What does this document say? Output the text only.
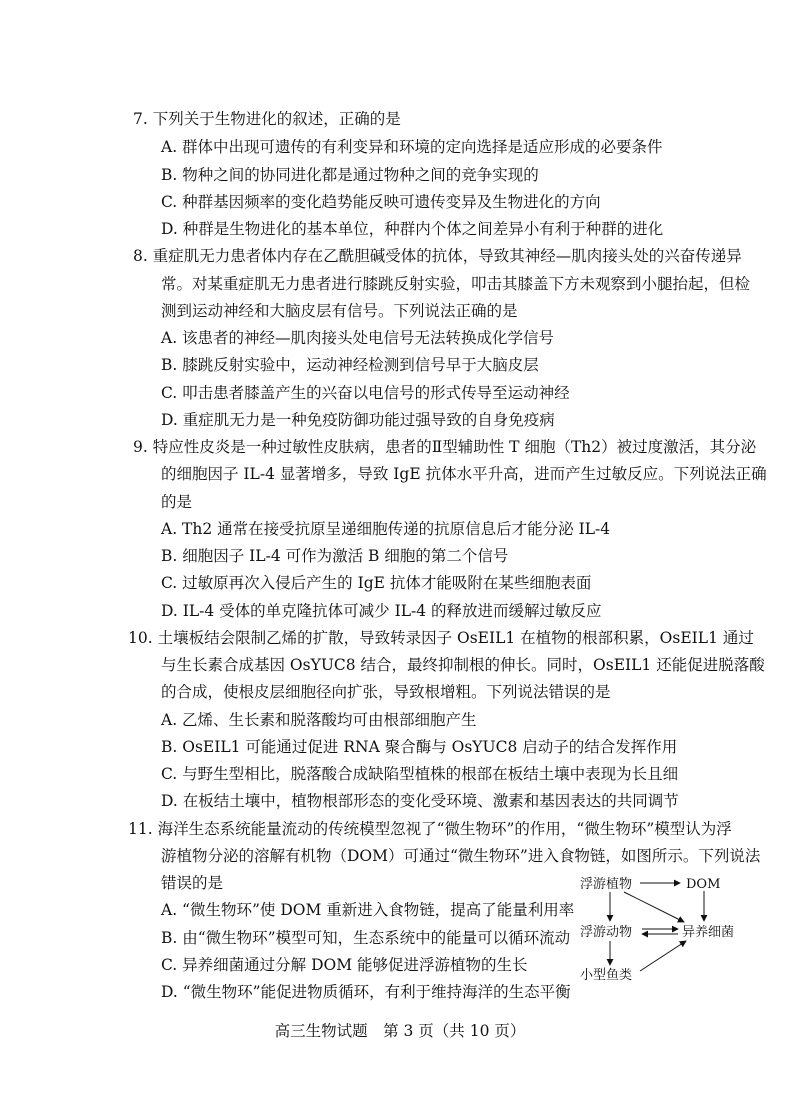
7. 下列关于生物进化的叙述，正确的是
A. 群体中出现可遗传的有利变异和环境的定向选择是适应形成的必要条件
B. 物种之间的协同进化都是通过物种之间的竞争实现的
C. 种群基因频率的变化趋势能反映可遗传变异及生物进化的方向
D. 种群是生物进化的基本单位，种群内个体之间差异小有利于种群的进化
8. 重症肌无力患者体内存在乙酰胆碱受体的抗体，导致其神经—肌肉接头处的兴奋传递异
常。对某重症肌无力患者进行膝跳反射实验，叩击其膝盖下方未观察到小腿抬起，但检
测到运动神经和大脑皮层有信号。下列说法正确的是
A. 该患者的神经—肌肉接头处电信号无法转换成化学信号
B. 膝跳反射实验中，运动神经检测到信号早于大脑皮层
C. 叩击患者膝盖产生的兴奋以电信号的形式传导至运动神经
D. 重症肌无力是一种免疫防御功能过强导致的自身免疫病
9. 特应性皮炎是一种过敏性皮肤病，患者的Ⅱ型辅助性 T 细胞（Th2）被过度激活，其分泌
的细胞因子 IL-4 显著增多，导致 IgE 抗体水平升高，进而产生过敏反应。下列说法正确
的是
A. Th2 通常在接受抗原呈递细胞传递的抗原信息后才能分泌 IL-4
B. 细胞因子 IL-4 可作为激活 B 细胞的第二个信号
C. 过敏原再次入侵后产生的 IgE 抗体才能吸附在某些细胞表面
D. IL-4 受体的单克隆抗体可减少 IL-4 的释放进而缓解过敏反应
10. 土壤板结会限制乙烯的扩散，导致转录因子 OsEIL1 在植物的根部积累，OsEIL1 通过
与生长素合成基因 OsYUC8 结合，最终抑制根的伸长。同时，OsEIL1 还能促进脱落酸
的合成，使根皮层细胞径向扩张，导致根增粗。下列说法错误的是
A. 乙烯、生长素和脱落酸均可由根部细胞产生
B. OsEIL1 可能通过促进 RNA 聚合酶与 OsYUC8 启动子的结合发挥作用
C. 与野生型相比，脱落酸合成缺陷型植株的根部在板结土壤中表现为长且细
D. 在板结土壤中，植物根部形态的变化受环境、激素和基因表达的共同调节
11. 海洋生态系统能量流动的传统模型忽视了“微生物环”的作用，“微生物环”模型认为浮
游植物分泌的溶解有机物（DOM）可通过“微生物环”进入食物链，如图所示。下列说法
错误的是
A. “微生物环”使 DOM 重新进入食物链，提高了能量利用率
B. 由“微生物环”模型可知，生态系统中的能量可以循环流动
C. 异养细菌通过分解 DOM 能够促进浮游植物的生长
D. “微生物环”能促进物质循环，有利于维持海洋的生态平衡
浮游植物	DOM
浮游动物	异养细菌
小型鱼类
高三生物试题　第 3 页（共 10 页）
